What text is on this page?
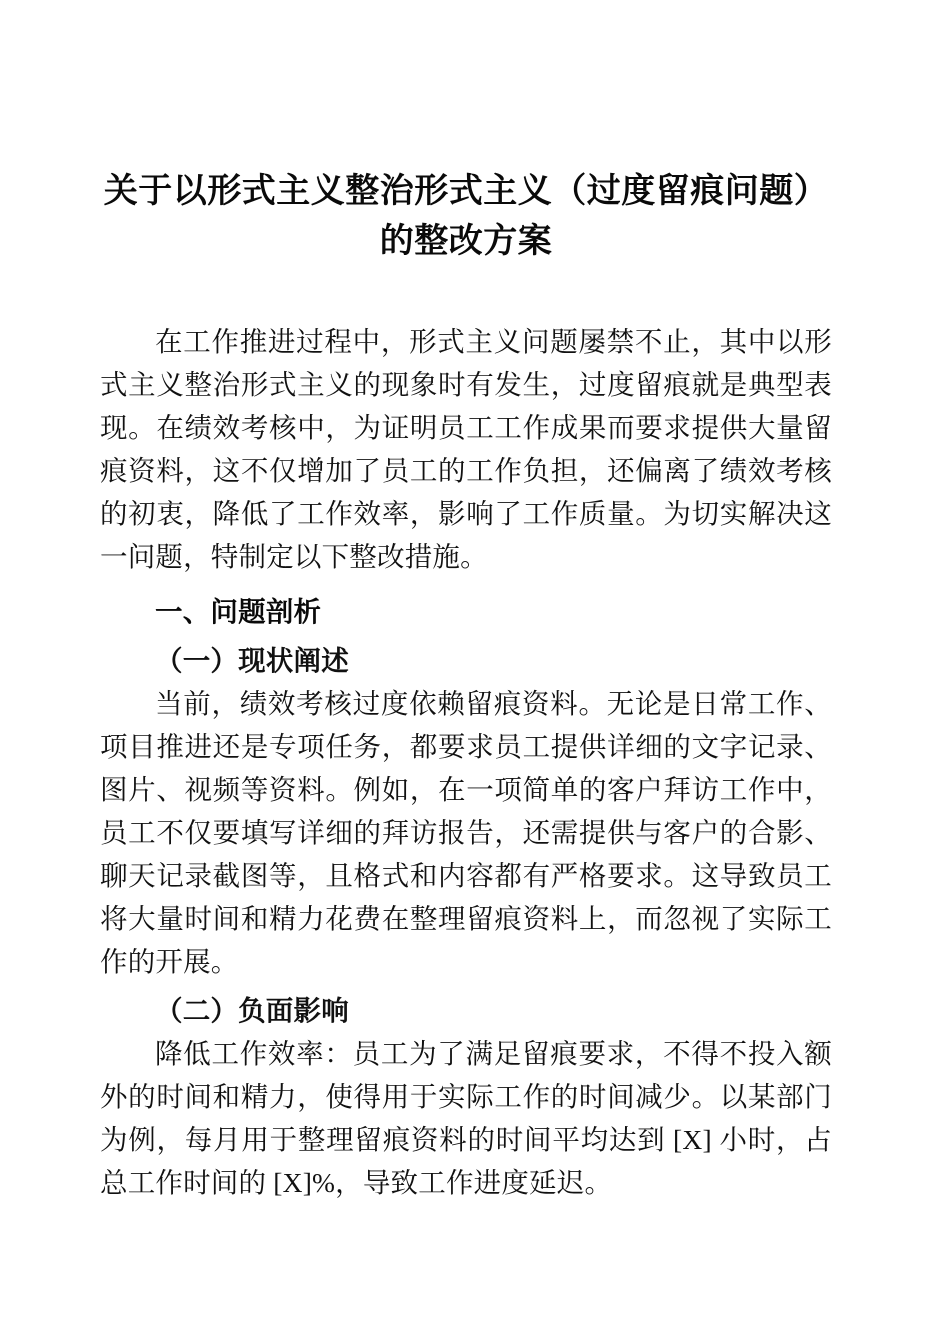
关于以形式主义整治形式主义（过度留痕问题）的整改方案

在工作推进过程中，形式主义问题屡禁不止，其中以形式主义整治形式主义的现象时有发生，过度留痕就是典型表现。在绩效考核中，为证明员工工作成果而要求提供大量留痕资料，这不仅增加了员工的工作负担，还偏离了绩效考核的初衷，降低了工作效率，影响了工作质量。为切实解决这一问题，特制定以下整改措施。

一、问题剖析
（一）现状阐述

当前，绩效考核过度依赖留痕资料。无论是日常工作、项目推进还是专项任务，都要求员工提供详细的文字记录、图片、视频等资料。例如，在一项简单的客户拜访工作中，员工不仅要填写详细的拜访报告，还需提供与客户的合影、聊天记录截图等，且格式和内容都有严格要求。这导致员工将大量时间和精力花费在整理留痕资料上，而忽视了实际工作的开展。

（二）负面影响

降低工作效率：员工为了满足留痕要求，不得不投入额外的时间和精力，使得用于实际工作的时间减少。以某部门为例，每月用于整理留痕资料的时间平均达到 [X] 小时，占总工作时间的 [X]%，导致工作进度延迟。
